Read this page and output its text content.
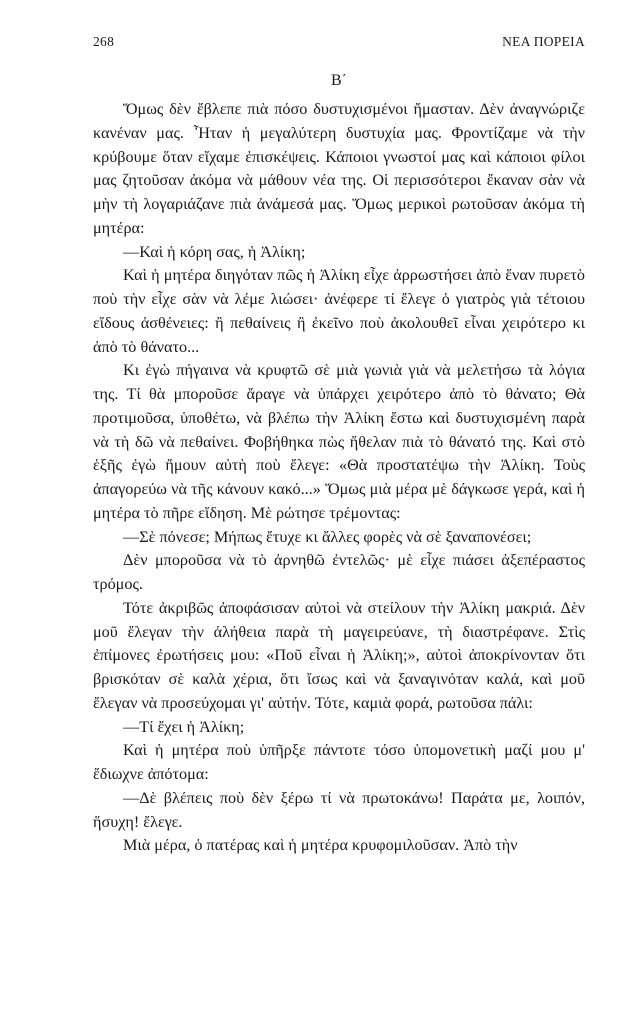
268	ΝΕΑ ΠΟΡΕΙΑ
Β΄

Ὅμως δὲν ἔβλεπε πιὰ πόσο δυστυχισμένοι ἤμασταν. Δὲν ἀναγνώριζε κανέναν μας. Ἦταν ἡ μεγαλύτερη δυστυχία μας. Φροντίζαμε νὰ τὴν κρύβουμε ὅταν εἴχαμε ἐπισκέψεις. Κάποιοι γνωστοί μας καὶ κάποιοι φίλοι μας ζητοῦσαν ἀκόμα νὰ μάθουν νέα της. Οἱ περισσότεροι ἔκαναν σὰν νὰ μὴν τὴ λογαριάζανε πιὰ ἀνάμεσά μας. Ὅμως μερικοὶ ρωτοῦσαν ἀκόμα τὴ μητέρα:

—Καὶ ἡ κόρη σας, ἡ Ἀλίκη;

Καὶ ἡ μητέρα διηγόταν πῶς ἡ Ἀλίκη εἶχε ἀρρωστήσει ἀπὸ ἕναν πυρετὸ ποὺ τὴν εἶχε σὰν νὰ λέμε λιώσει· ἀνέφερε τί ἔλεγε ὁ γιατρὸς γιὰ τέτοιου εἴδους ἀσθένειες: ἢ πεθαίνεις ἢ ἐκεῖνο ποὺ ἀκολουθεῖ εἶναι χειρότερο κι ἀπὸ τὸ θάνατο...

Κι ἐγὼ πήγαινα νὰ κρυφτῶ σὲ μιὰ γωνιὰ γιὰ νὰ μελετήσω τὰ λόγια της. Τί θὰ μποροῦσε ἄραγε νὰ ὑπάρχει χειρότερο ἀπὸ τὸ θάνατο; Θὰ προτιμοῦσα, ὑποθέτω, νὰ βλέπω τὴν Ἀλίκη ἔστω καὶ δυστυχισμένη παρὰ νὰ τὴ δῶ νὰ πεθαίνει. Φοβήθηκα πὼς ἤθελαν πιὰ τὸ θάνατό της. Καὶ στὸ ἑξῆς ἐγὼ ἤμουν αὐτὴ ποὺ ἔλεγε: «Θὰ προστατέψω τὴν Ἀλίκη. Τοὺς ἀπαγορεύω νὰ τῆς κάνουν κακό...» Ὅμως μιὰ μέρα μὲ δάγκωσε γερά, καὶ ἡ μητέρα τὸ πῆρε εἴδηση. Μὲ ρώτησε τρέμοντας:

—Σὲ πόνεσε; Μήπως ἔτυχε κι ἄλλες φορὲς νὰ σὲ ξαναπονέσει;

Δὲν μποροῦσα νὰ τὸ ἀρνηθῶ ἐντελῶς· μὲ εἶχε πιάσει ἀξεπέραστος τρόμος.

Τότε ἀκριβῶς ἀποφάσισαν αὐτοὶ νὰ στείλουν τὴν Ἀλίκη μακριά. Δὲν μοῦ ἔλεγαν τὴν ἀλήθεια παρὰ τὴ μαγειρεύανε, τὴ διαστρέφανε. Στὶς ἐπίμονες ἐρωτήσεις μου: «Ποῦ εἶναι ἡ Ἀλίκη;», αὐτοὶ ἀποκρίνονταν ὅτι βρισκόταν σὲ καλὰ χέρια, ὅτι ἴσως καὶ νὰ ξαναγινόταν καλά, καὶ μοῦ ἔλεγαν νὰ προσεύχομαι γι' αὐτήν. Τότε, καμιὰ φορά, ρωτοῦσα πάλι:

—Τί ἔχει ἡ Ἀλίκη;

Καὶ ἡ μητέρα ποὺ ὑπῆρξε πάντοτε τόσο ὑπομονετικὴ μαζί μου μ' ἔδιωχνε ἀπότομα:

—Δὲ βλέπεις ποὺ δὲν ξέρω τί νὰ πρωτοκάνω! Παράτα με, λοιπόν, ἥσυχη! ἔλεγε.

Μιὰ μέρα, ὁ πατέρας καὶ ἡ μητέρα κρυφομιλοῦσαν. Ἀπὸ τὴν
